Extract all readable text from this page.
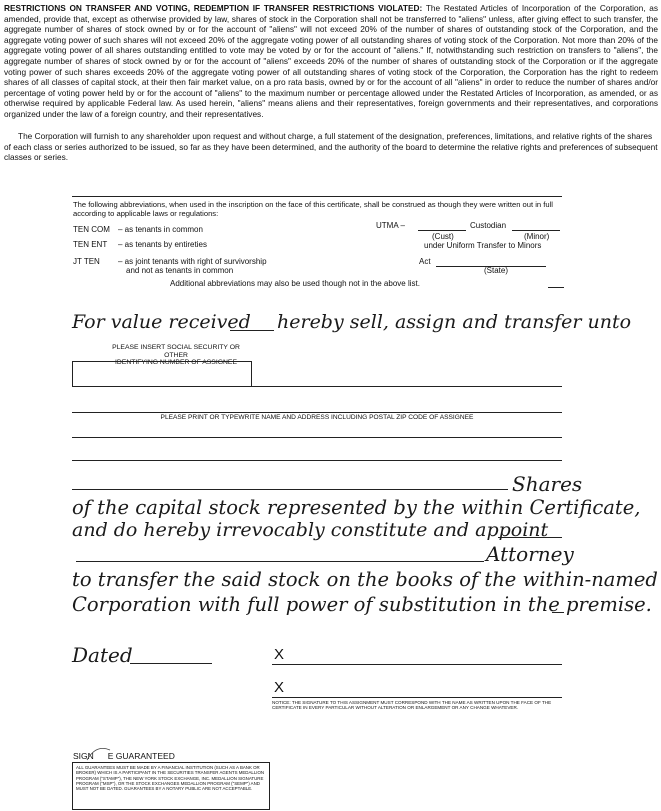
RESTRICTIONS ON TRANSFER AND VOTING, REDEMPTION IF TRANSFER RESTRICTIONS VIOLATED: The Restated Articles of Incorporation of the Corporation, as amended, provide that, except as otherwise provided by law, shares of stock in the Corporation shall not be transferred to "aliens" unless, after giving effect to such transfer, the aggregate number of shares of stock owned by or for the account of "aliens" will not exceed 20% of the number of shares of outstanding stock of the Corporation, and the aggregate voting power of such shares will not exceed 20% of the aggregate voting power of all outstanding shares of voting stock of the Corporation. Not more than 20% of the aggregate voting power of all shares outstanding entitled to vote may be voted by or for the account of "aliens." If, notwithstanding such restriction on transfers to "aliens", the aggregate number of shares of stock owned by or for the account of "aliens" exceeds 20% of the number of shares of outstanding stock of the Corporation or if the aggregate voting power of such shares exceeds 20% of the aggregate voting power of all outstanding shares of voting stock of the Corporation, the Corporation has the right to redeem shares of all classes of capital stock, at their then fair market value, on a pro rata basis, owned by or for the account of all "aliens" in order to reduce the number of shares and/or percentage of voting power held by or for the account of "aliens" to the maximum number or percentage allowed under the Restated Articles of Incorporation, as amended, or as otherwise required by applicable Federal law. As used herein, "aliens" means aliens and their representatives, foreign governments and their representatives, and corporations organized under the law of a foreign country, and their representatives.
The Corporation will furnish to any shareholder upon request and without charge, a full statement of the designation, preferences, limitations, and relative rights of the shares of each class or series authorized to be issued, so far as they have been determined, and the authority of the board to determine the relative rights and preferences of subsequent classes or series.
The following abbreviations, when used in the inscription on the face of this certificate, shall be construed as though they were written out in full according to applicable laws or regulations:
TEN COM – as tenants in common
TEN ENT – as tenants by entireties
JT TEN – as joint tenants with right of survivorship
and not as tenants in common
UTMA –	Custodian
(Cust)	(Minor)
under Uniform Transfer to Minors
Act
(State)
Additional abbreviations may also be used though not in the above list.
For value received hereby sell, assign and transfer unto
PLEASE INSERT SOCIAL SECURITY OR OTHER
IDENTIFYING NUMBER OF ASSIGNEE
PLEASE PRINT OR TYPEWRITE NAME AND ADDRESS INCLUDING POSTAL ZIP CODE OF ASSIGNEE
Shares
of the capital stock represented by the within Certificate,
and do hereby irrevocably constitute and appoint
Attorney
to transfer the said stock on the books of the within-named
Corporation with full power of substitution in the premise.
Dated	X
X
NOTICE: THE SIGNATURE TO THIS ASSIGNMENT MUST CORRESPOND WITH THE NAME AS WRITTEN UPON THE FACE OF THE CERTIFICATE IN EVERY PARTICULAR WITHOUT ALTERATION OR ENLARGEMENT OR ANY CHANGE WHATEVER.
SIGN E GUARANTEED
ALL GUARANTEES MUST BE MADE BY A FINANCIAL INSTITUTION (SUCH AS A BANK OR BROKER) WHICH IS A PARTICIPANT IN THE SECURITIES TRANSFER AGENTS MEDALLION PROGRAM ("STAMP"), THE NEW YORK STOCK EXCHANGE, INC. MEDALLION SIGNATURE PROGRAM ("MSP"), OR THE STOCK EXCHANGES MEDALLION PROGRAM ("SEMP") AND MUST NOT BE DATED. GUARANTEES BY A NOTARY PUBLIC ARE NOT ACCEPTABLE.
